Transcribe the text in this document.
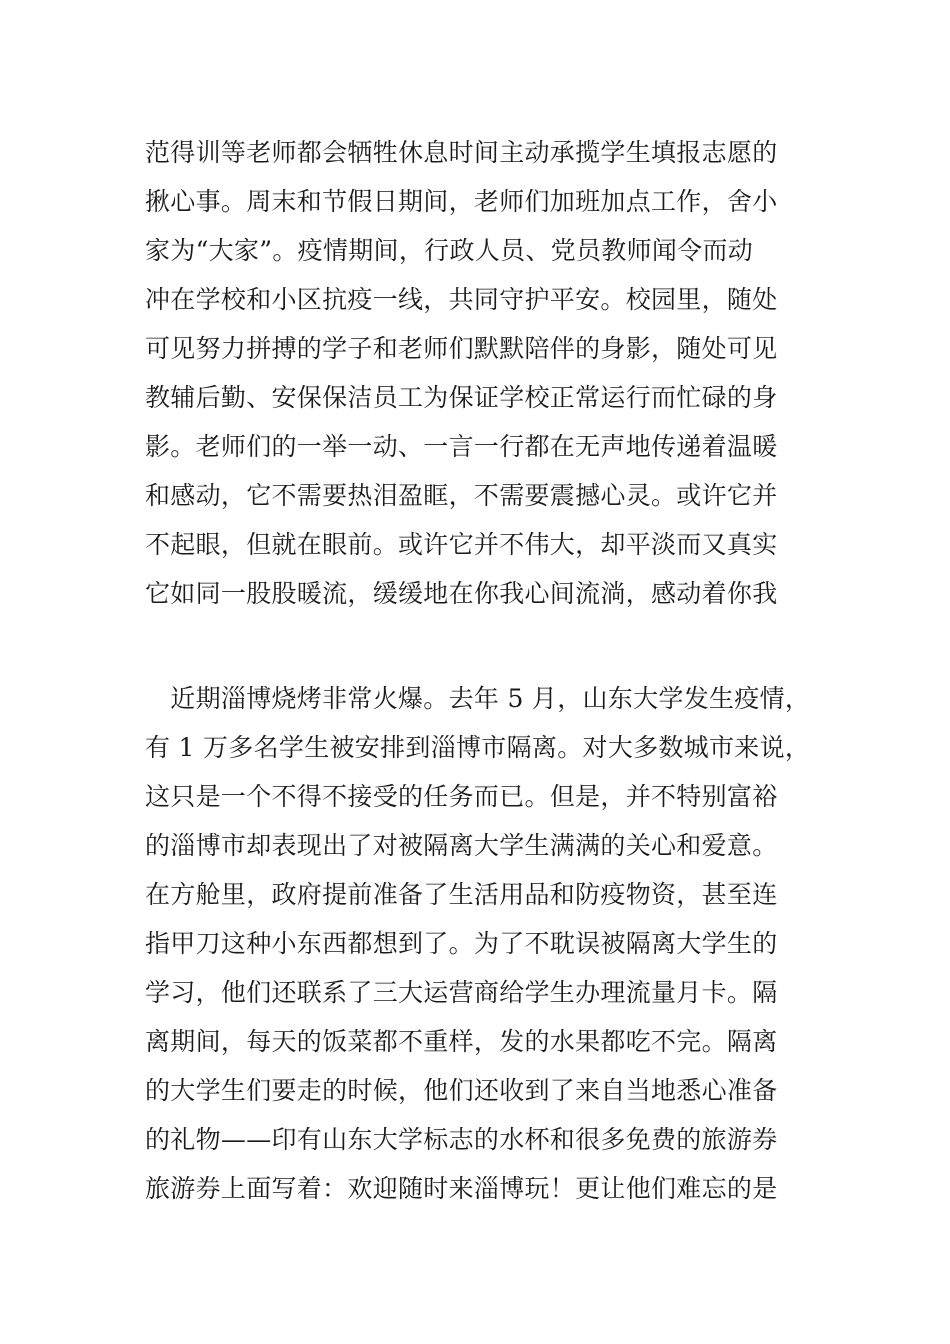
范得训等老师都会牺牲休息时间主动承揽学生填报志愿的
揪心事。周末和节假日期间，老师们加班加点工作，舍小
家为“大家”。疫情期间，行政人员、党员教师闻令而动
冲在学校和小区抗疫一线，共同守护平安。校园里，随处
可见努力拼搏的学子和老师们默默陪伴的身影，随处可见
教辅后勤、安保保洁员工为保证学校正常运行而忙碌的身
影。老师们的一举一动、一言一行都在无声地传递着温暖
和感动，它不需要热泪盈眶，不需要震撼心灵。或许它并
不起眼，但就在眼前。或许它并不伟大，却平淡而又真实
它如同一股股暖流，缓缓地在你我心间流淌，感动着你我
　近期淄博烧烤非常火爆。去年 5 月，山东大学发生疫情，
有 1 万多名学生被安排到淄博市隔离。对大多数城市来说，
这只是一个不得不接受的任务而已。但是，并不特别富裕
的淄博市却表现出了对被隔离大学生满满的关心和爱意。
在方舱里，政府提前准备了生活用品和防疫物资，甚至连
指甲刀这种小东西都想到了。为了不耽误被隔离大学生的
学习，他们还联系了三大运营商给学生办理流量月卡。隔
离期间，每天的饭菜都不重样，发的水果都吃不完。隔离
的大学生们要走的时候，他们还收到了来自当地悉心准备
的礼物——印有山东大学标志的水杯和很多免费的旅游券
旅游券上面写着：欢迎随时来淄博玩！更让他们难忘的是
